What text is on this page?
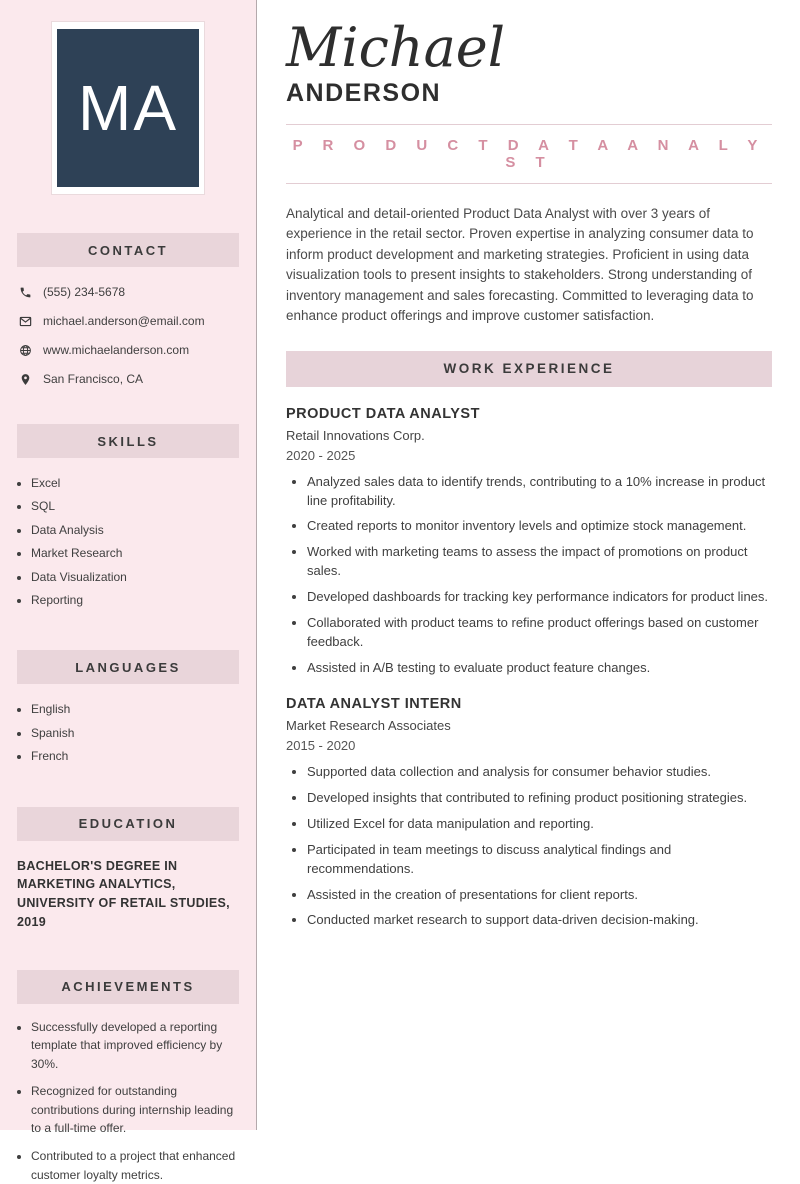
MA
CONTACT
(555) 234-5678
michael.anderson@email.com
www.michaelanderson.com
San Francisco, CA
SKILLS
• Excel
• SQL
• Data Analysis
• Market Research
• Data Visualization
• Reporting
LANGUAGES
• English
• Spanish
• French
EDUCATION

BACHELOR'S DEGREE IN MARKETING ANALYTICS, UNIVERSITY OF RETAIL STUDIES, 2019

ACHIEVEMENTS
• Successfully developed a reporting template that improved efficiency by 30%.
• Recognized for outstanding contributions during internship leading to a full-time offer.
• Contributed to a project that enhanced customer loyalty metrics.
Michael
ANDERSON
P R O D U C T D A T A A N A L Y S T

Analytical and detail-oriented Product Data Analyst with over 3 years of experience in the retail sector. Proven expertise in analyzing consumer data to inform product development and marketing strategies. Proficient in using data visualization tools to present insights to stakeholders. Strong understanding of inventory management and sales forecasting. Committed to leveraging data to enhance product offerings and improve customer satisfaction.

WORK EXPERIENCE
PRODUCT DATA ANALYST
Retail Innovations Corp.
2020 - 2025
• Analyzed sales data to identify trends, contributing to a 10% increase in product line profitability.
• Created reports to monitor inventory levels and optimize stock management.
• Worked with marketing teams to assess the impact of promotions on product sales.
• Developed dashboards for tracking key performance indicators for product lines.
• Collaborated with product teams to refine product offerings based on customer feedback.
• Assisted in A/B testing to evaluate product feature changes.
DATA ANALYST INTERN
Market Research Associates
2015 - 2020
• Supported data collection and analysis for consumer behavior studies.
• Developed insights that contributed to refining product positioning strategies.
• Utilized Excel for data manipulation and reporting.
• Participated in team meetings to discuss analytical findings and recommendations.
• Assisted in the creation of presentations for client reports.
• Conducted market research to support data-driven decision-making.
